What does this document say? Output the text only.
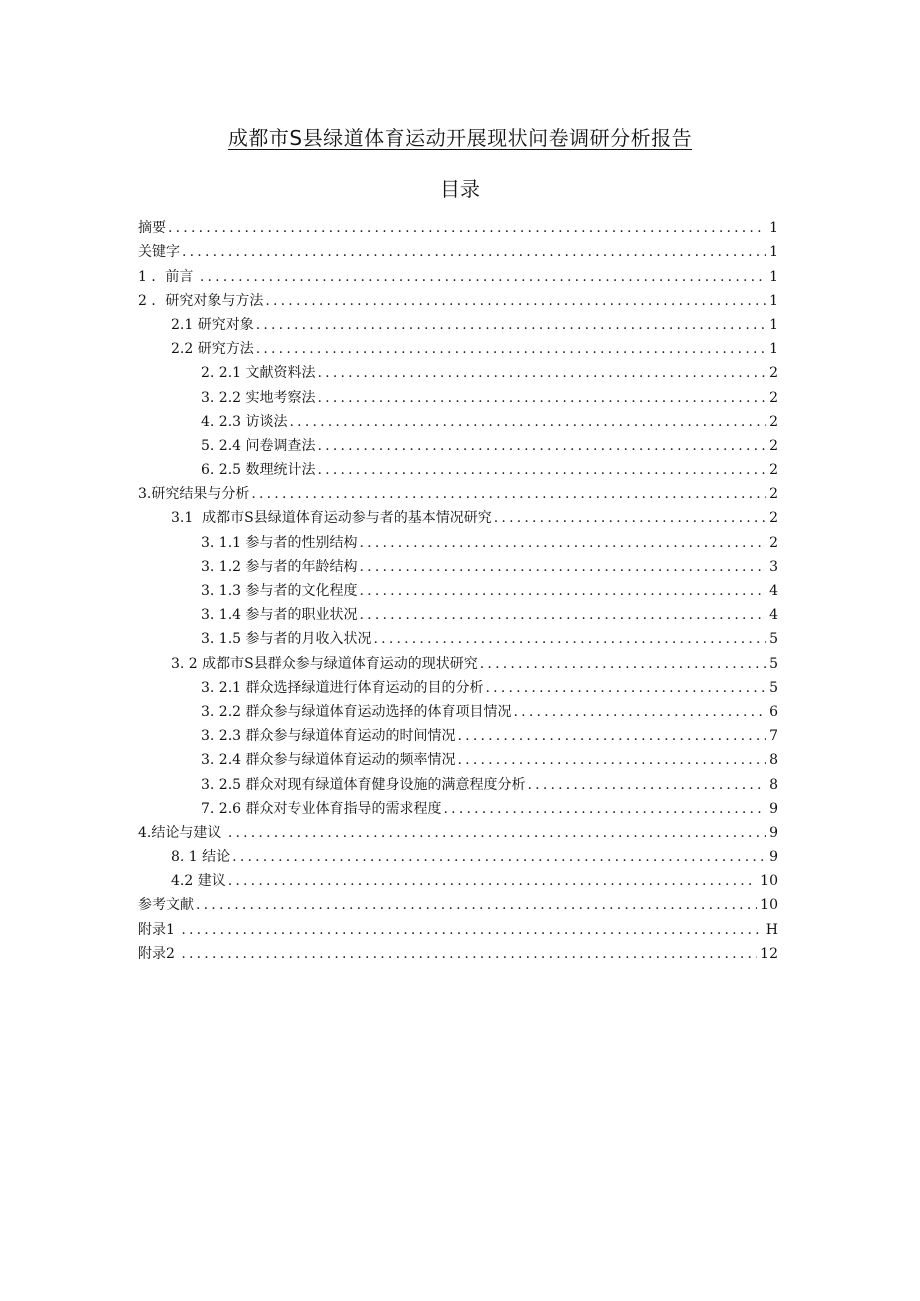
成都市S县绿道体育运动开展现状问卷调研分析报告
目录
摘要 .....	1
关键字 .....	1
1 ． 前言 .....	1
2 ． 研究对象与方法 .....	1
2.1 研究对象 .....	1
2.2 研究方法 .....	1
2. 2.1 文献资料法 .....	2
3. 2.2 实地考察法 .....	2
4. 2.3 访谈法 .....	2
5. 2.4 问卷调查法 .....	2
6. 2.5 数理统计法 .....	2
3. 研究结果与分析 .....	2
3.1 成都市S县绿道体育运动参与者的基本情况研究 .....	2
3. 1.1 参与者的性别结构 .....	2
3. 1.2 参与者的年龄结构 .....	3
3. 1.3 参与者的文化程度 .....	4
3. 1.4 参与者的职业状况 .....	4
3. 1.5 参与者的月收入状况 .....	5
3. 2 成都市S县群众参与绿道体育运动的现状研究 .....	5
3. 2.1 群众选择绿道进行体育运动的目的分析 .....	5
3. 2.2 群众参与绿道体育运动选择的体育项目情况 .....	6
3. 2.3 群众参与绿道体育运动的时间情况 .....	7
3. 2.4 群众参与绿道体育运动的频率情况 .....	8
3. 2.5 群众对现有绿道体育健身设施的满意程度分析 .....	8
7. 2.6 群众对专业体育指导的需求程度 .....	9
4. 结论与建议 .....	9
8. 1 结论 .....	9
4.2 建议 .....	10
参考文献 .....	10
附录1 .....	H
附录2 .....	12
